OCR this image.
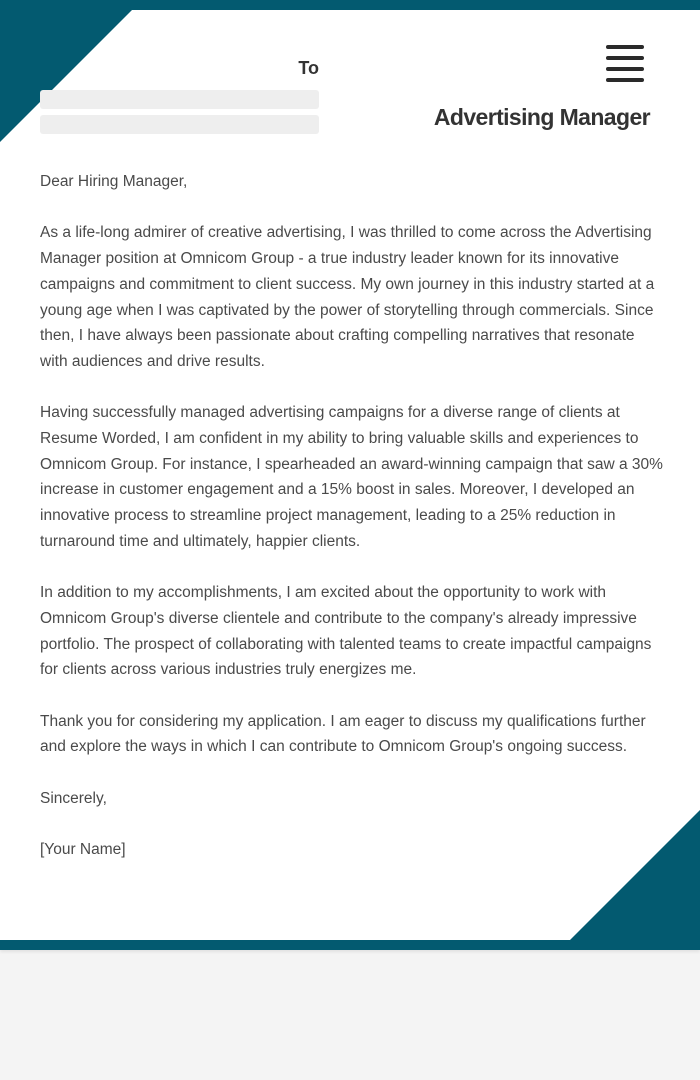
To
Advertising Manager

Dear Hiring Manager,

As a life-long admirer of creative advertising, I was thrilled to come across the Advertising Manager position at Omnicom Group - a true industry leader known for its innovative campaigns and commitment to client success. My own journey in this industry started at a young age when I was captivated by the power of storytelling through commercials. Since then, I have always been passionate about crafting compelling narratives that resonate with audiences and drive results.

Having successfully managed advertising campaigns for a diverse range of clients at Resume Worded, I am confident in my ability to bring valuable skills and experiences to Omnicom Group. For instance, I spearheaded an award-winning campaign that saw a 30% increase in customer engagement and a 15% boost in sales. Moreover, I developed an innovative process to streamline project management, leading to a 25% reduction in turnaround time and ultimately, happier clients.

In addition to my accomplishments, I am excited about the opportunity to work with Omnicom Group's diverse clientele and contribute to the company's already impressive portfolio. The prospect of collaborating with talented teams to create impactful campaigns for clients across various industries truly energizes me.

Thank you for considering my application. I am eager to discuss my qualifications further and explore the ways in which I can contribute to Omnicom Group's ongoing success.

Sincerely,

[Your Name]
